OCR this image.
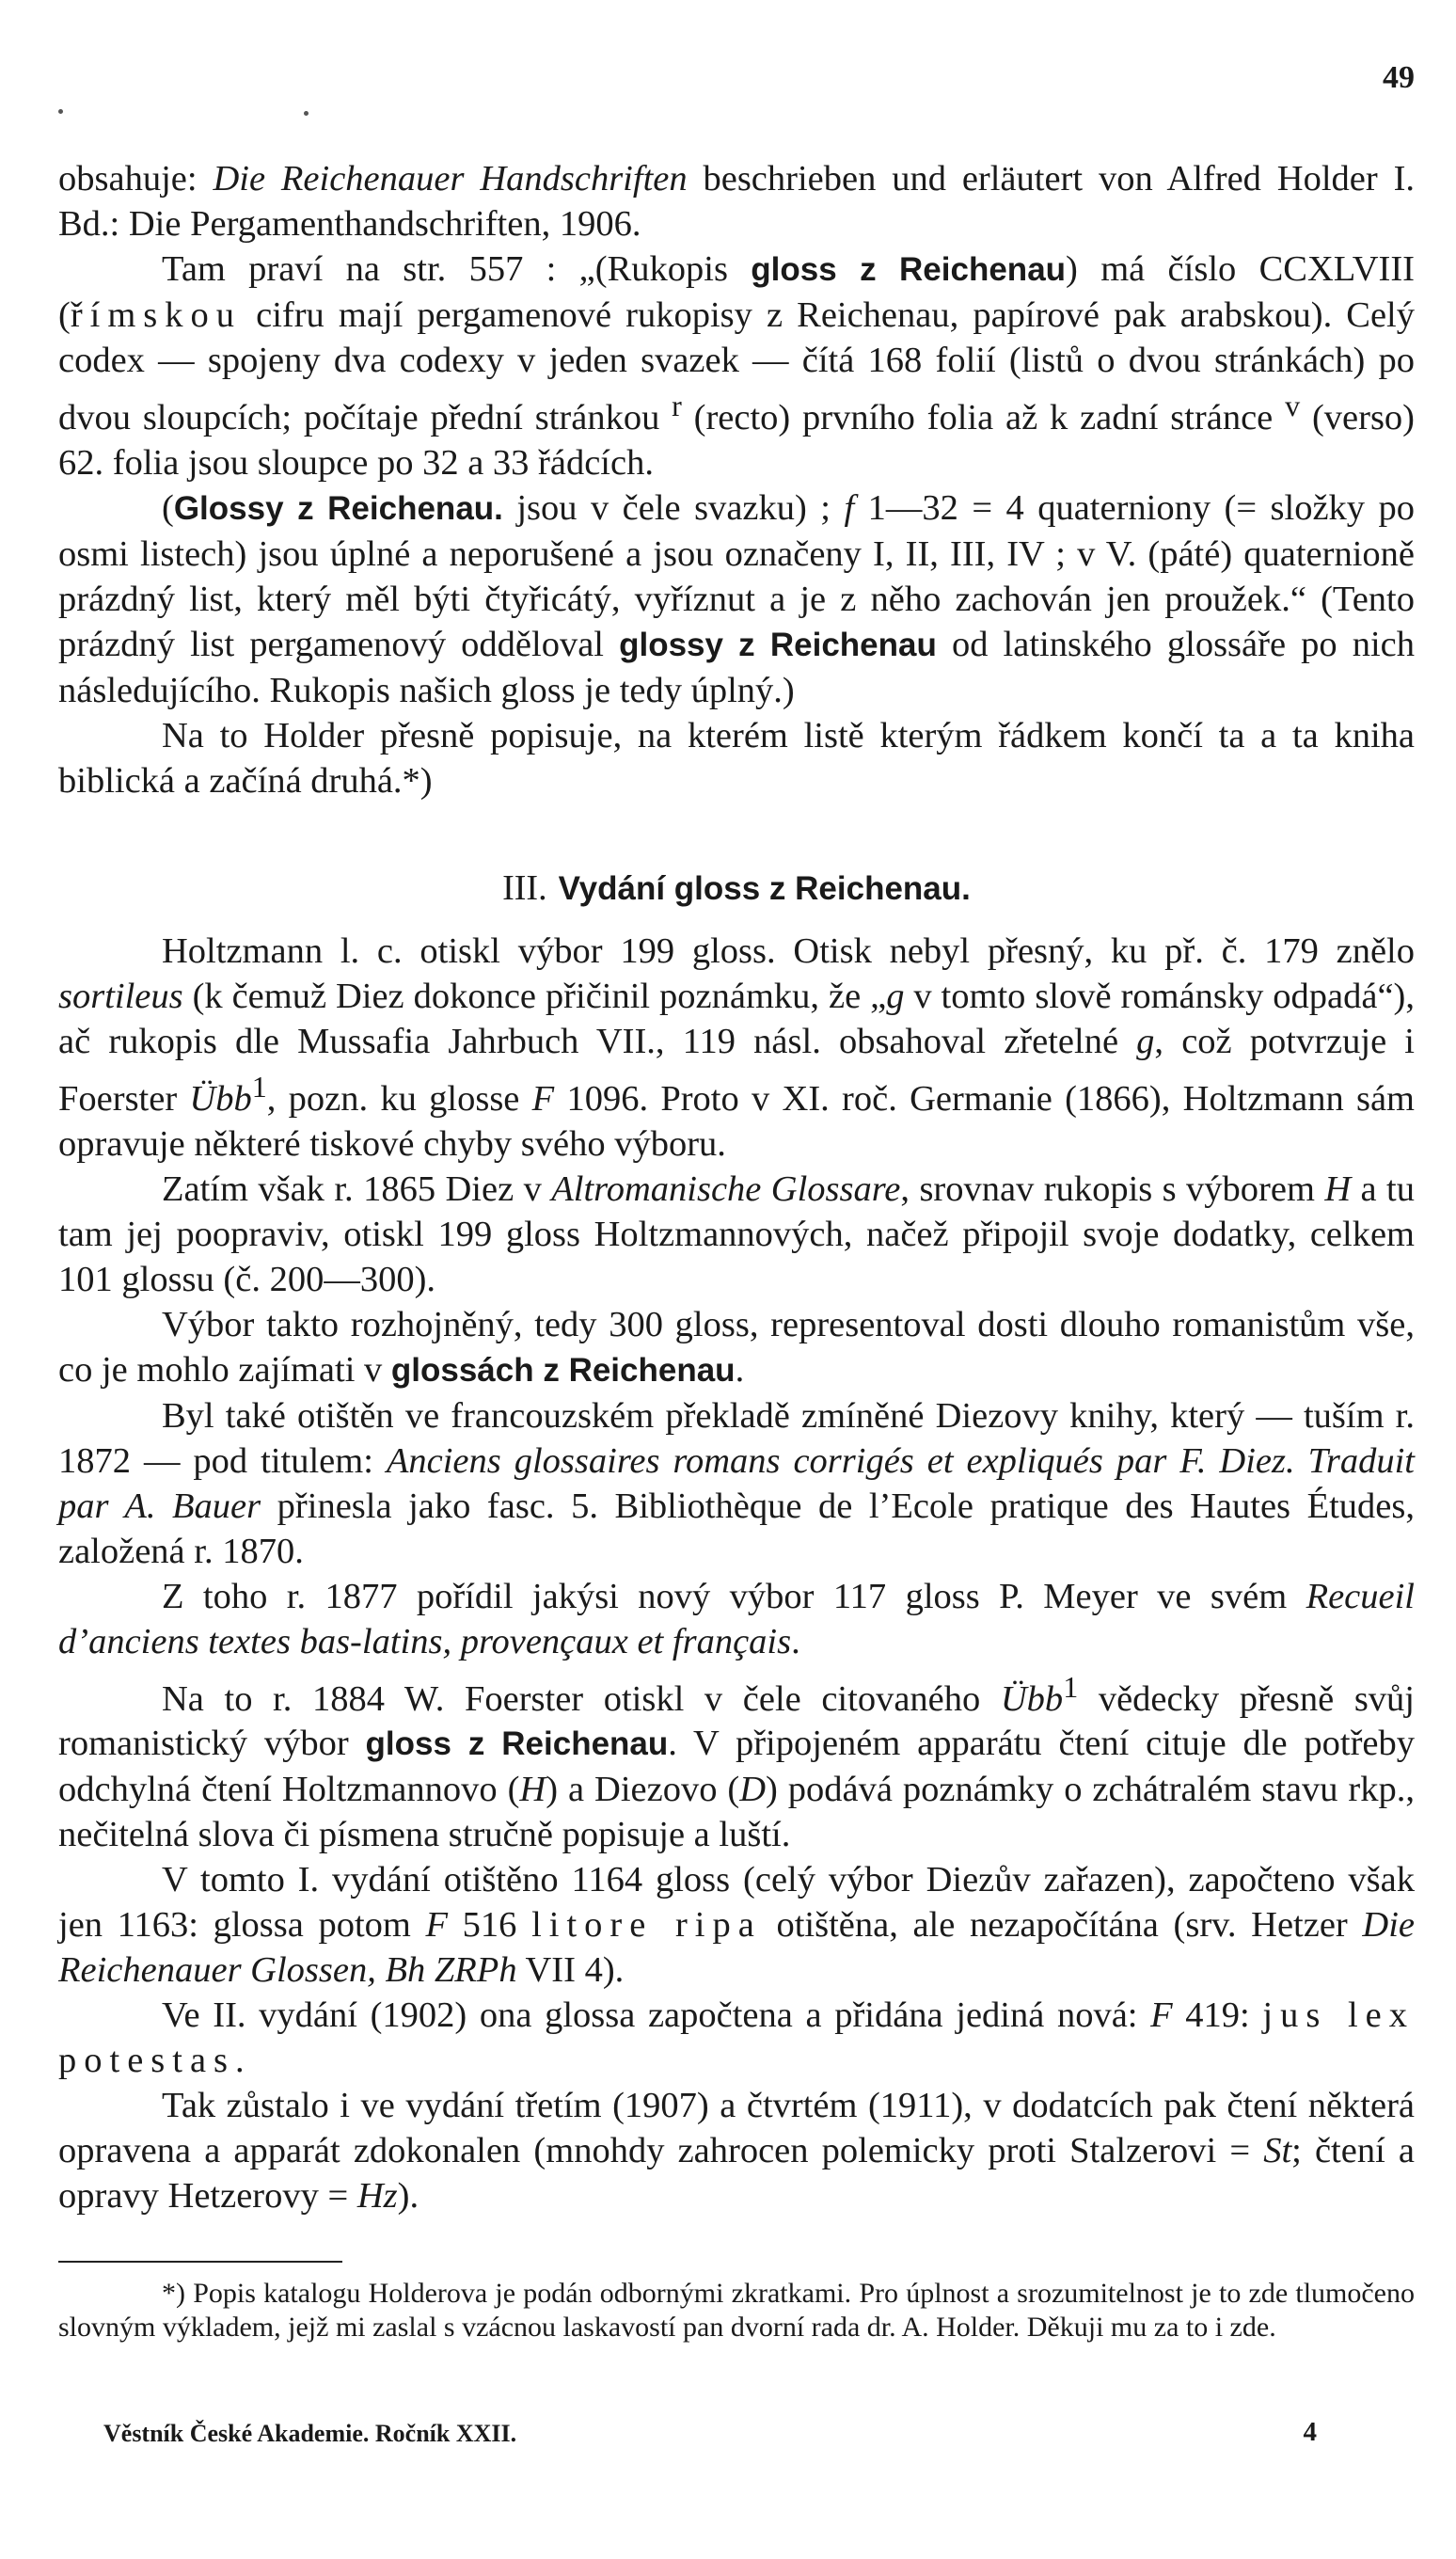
49

obsahuje: Die Reichenauer Handschriften beschrieben und erläutert von Alfred Holder I. Bd.: Die Pergamenthandschriften, 1906.

Tam praví na str. 557 : „(Rukopis gloss z Reichenau) má číslo CCXLVIII (římskou cifru mají pergamenové rukopisy z Reichenau, papírové pak arabskou). Celý codex — spojeny dva codexy v jeden svazek — čítá 168 folií (listů o dvou stránkách) po dvou sloupcích; počítaje přední stránkou $^r$ (recto) prvního folia až k zadní stránce $^v$ (verso) 62. folia jsou sloupce po 32 a 33 řádcích.

(Glossy z Reichenau. jsou v čele svazku) ; f 1—32 = 4 quaterniony (= složky po osmi listech) jsou úplné a neporušené a jsou označeny I, II, III, IV ; v V. (páté) quaternioně prázdný list, který měl býti čtyřicátý, vyříznut a je z něho zachován jen proužek.“ (Tento prázdný list pergamenový odděloval glossy z Reichenau od latinského glossáře po nich následujícího. Rukopis našich gloss je tedy úplný.)

Na to Holder přesně popisuje, na kterém listě kterým řádkem končí ta a ta kniha biblická a začíná druhá.*)

III. Vydání gloss z Reichenau.

Holtzmann l. c. otiskl výbor 199 gloss. Otisk nebyl přesný, ku př. č. 179 znělo sortileus (k čemuž Diez dokonce přičinil poznámku, že „g v tomto slově románsky odpadá“), ač rukopis dle Mussafia Jahrbuch VII., 119 násl. obsahoval zřetelné g, což potvrzuje i Foerster Übb$^1$, pozn. ku glosse F 1096. Proto v XI. roč. Germanie (1866), Holtzmann sám opravuje některé tiskové chyby svého výboru.

Zatím však r. 1865 Diez v Altromanische Glossare, srovnav rukopis s výborem H a tu tam jej poopraviv, otiskl 199 gloss Holtzmannových, načež připojil svoje dodatky, celkem 101 glossu (č. 200—300).

Výbor takto rozhojněný, tedy 300 gloss, representoval dosti dlouho romanistům vše, co je mohlo zajímati v glossách z Reichenau.

Byl také otištěn ve francouzském překladě zmíněné Diezovy knihy, který — tuším r. 1872 — pod titulem: Anciens glossaires romans corrigés et expliqués par F. Diez. Traduit par A. Bauer přinesla jako fasc. 5. Bibliothèque de l’Ecole pratique des Hautes Études, založená r. 1870.

Z toho r. 1877 pořídil jakýsi nový výbor 117 gloss P. Meyer ve svém Recueil d’anciens textes bas-latins, provençaux et français.

Na to r. 1884 W. Foerster otiskl v čele citovaného Übb$^1$ vědecky přesně svůj romanistický výbor gloss z Reichenau. V připojeném apparátu čtení cituje dle potřeby odchylná čtení Holtzmannovo (H) a Diezovo (D) podává poznámky o zchátralém stavu rkp., nečitelná slova či písmena stručně popisuje a luští.

V tomto I. vydání otištěno 1164 gloss (celý výbor Diezův zařazen), započteno však jen 1163: glossa potom F 516 litore ripa otištěna, ale nezapočítána (srv. Hetzer Die Reichenauer Glossen, Bh ZRPh VII 4).

Ve II. vydání (1902) ona glossa započtena a přidána jediná nová: F 419: jus lex potestas.

Tak zůstalo i ve vydání třetím (1907) a čtvrtém (1911), v dodatcích pak čtení některá opravena a apparát zdokonalen (mnohdy zahrocen polemicky proti Stalzerovi = St; čtení a opravy Hetzerovy = Hz).

*) Popis katalogu Holderova je podán odbornými zkratkami. Pro úplnost a srozumitelnost je to zde tlumočeno slovným výkladem, jejž mi zaslal s vzácnou laskavostí pan dvorní rada dr. A. Holder. Děkuji mu za to i zde.

Věstník České Akademie. Ročník XXII.	4
